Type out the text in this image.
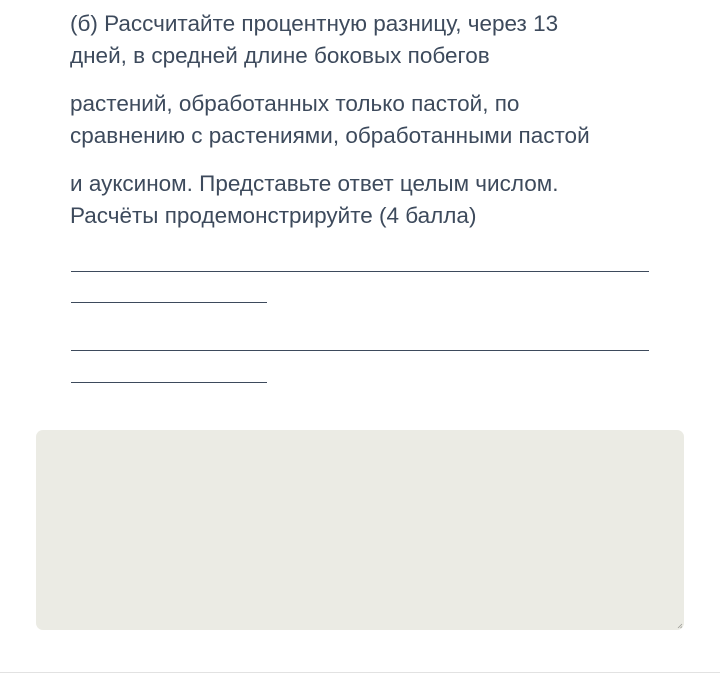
(б) Рассчитайте процентную разницу, через 13
дней, в средней длине боковых побегов
растений, обработанных только пастой, по
сравнению с растениями, обработанными пастой
и ауксином. Представьте ответ целым числом.
Расчёты продемонстрируйте (4 балла)
